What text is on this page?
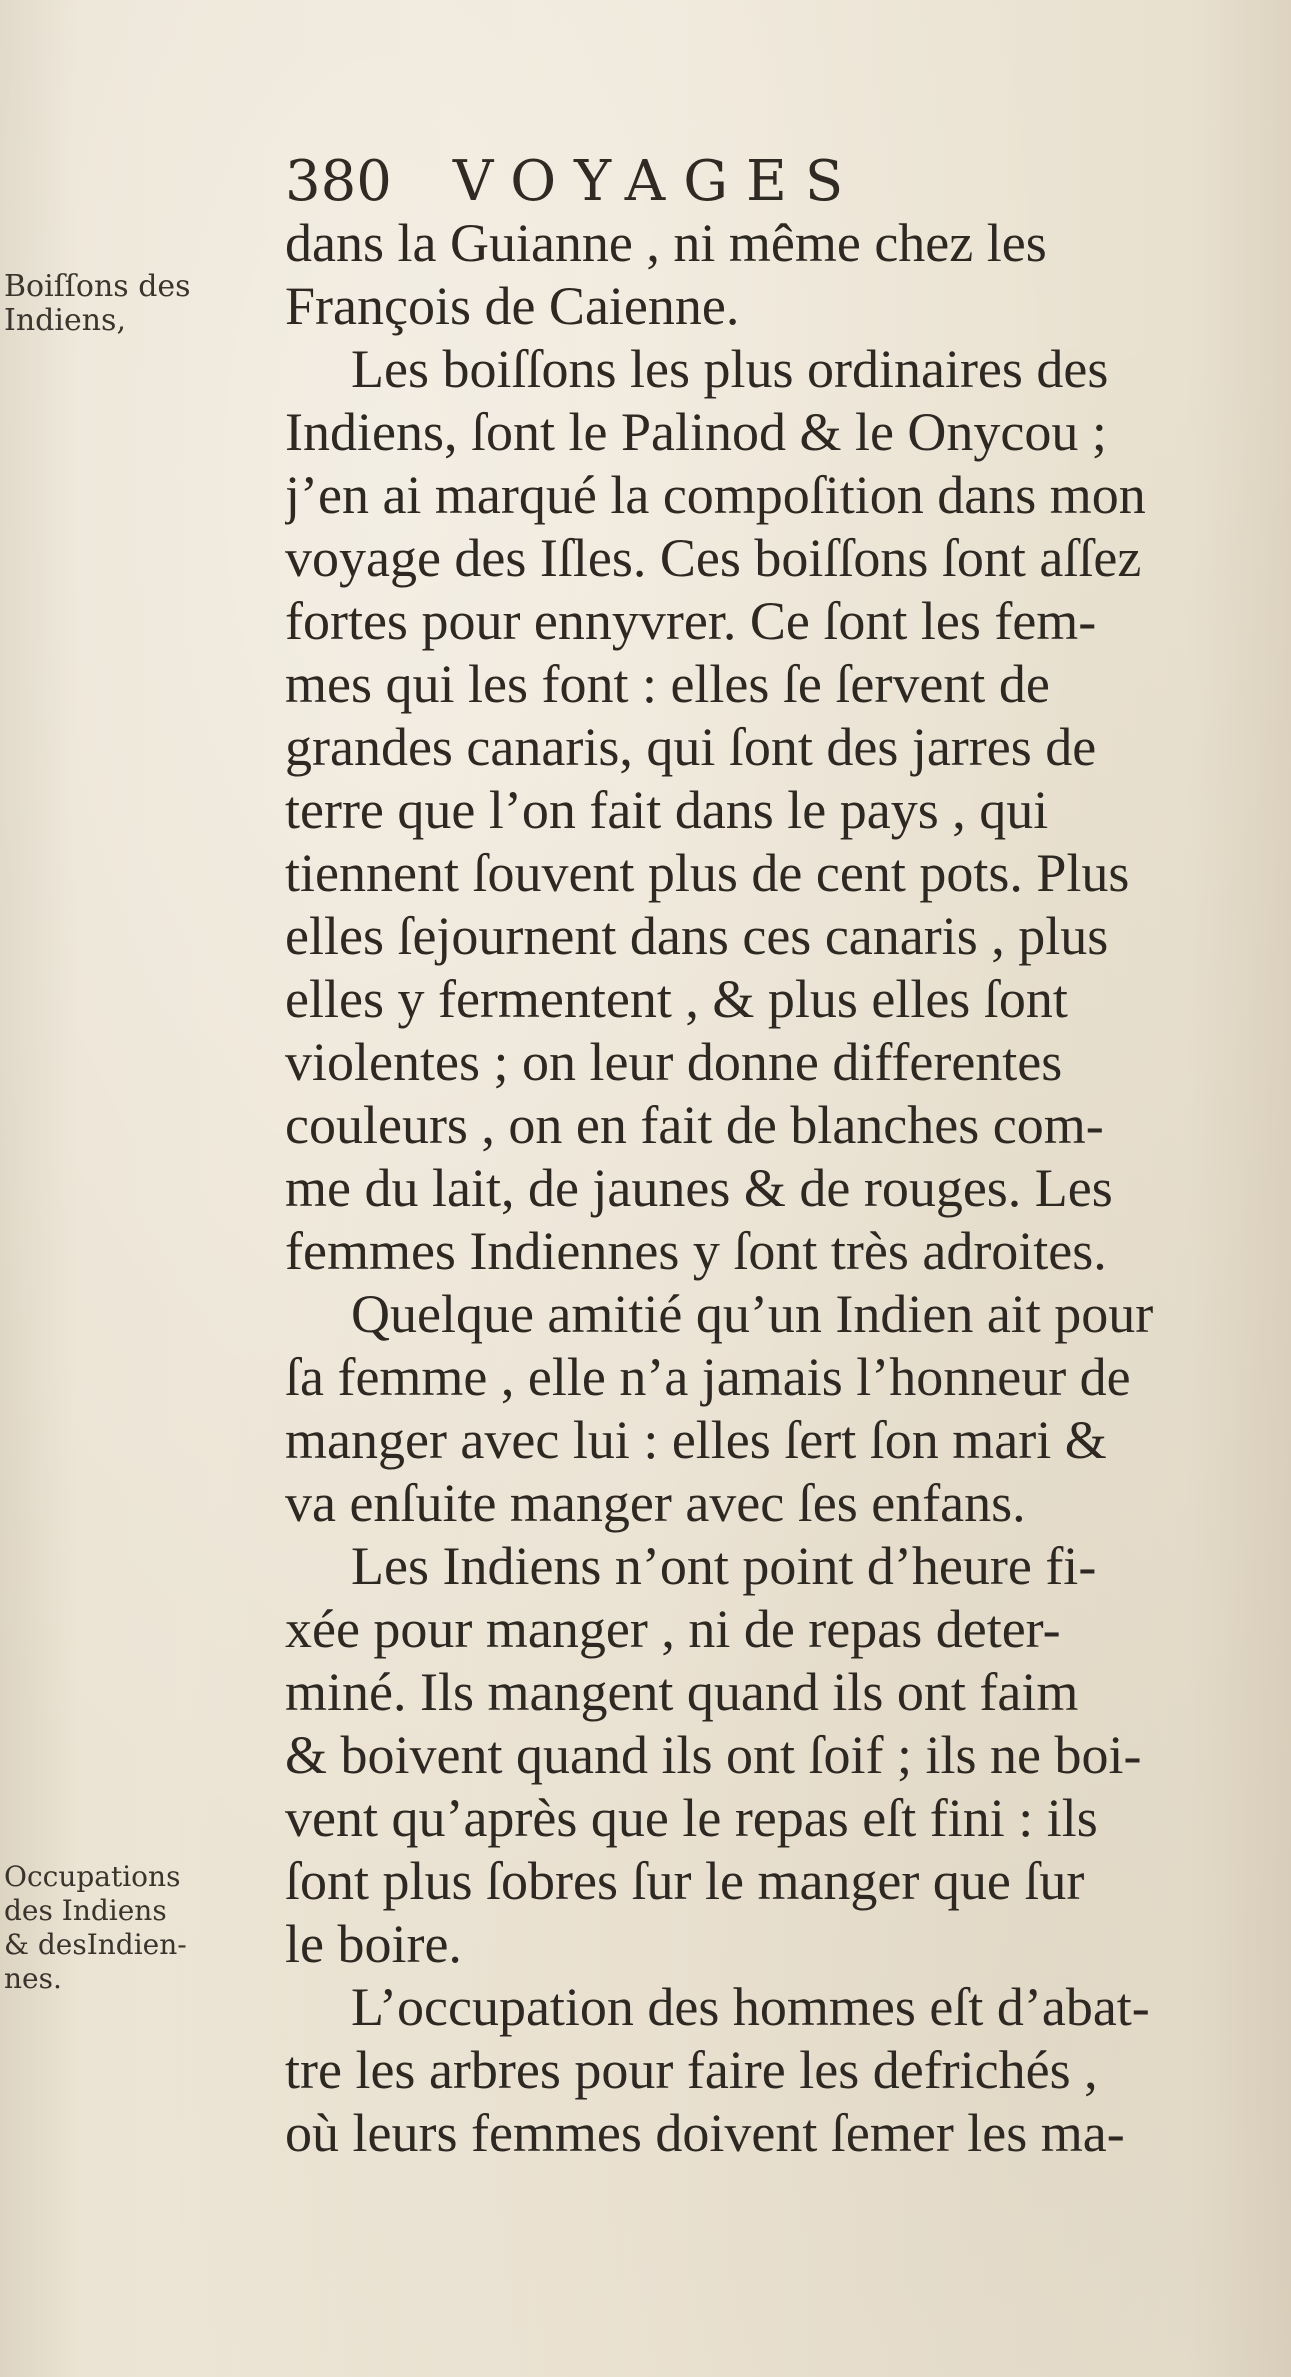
380 VOYAGES
Boiſſons des
Indiens,
Occupations
des Indiens
& desIndien-
nes.
dans la Guianne , ni même chez les
François de Caienne.
Les boiſſons les plus ordinaires des
Indiens, ſont le Palinod & le Onycou ;
j’en ai marqué la compoſition dans mon
voyage des Iſles. Ces boiſſons ſont aſſez
fortes pour ennyvrer. Ce ſont les fem-
mes qui les font : elles ſe ſervent de
grandes canaris, qui ſont des jarres de
terre que l’on fait dans le pays , qui
tiennent ſouvent plus de cent pots. Plus
elles ſejournent dans ces canaris , plus
elles y fermentent , & plus elles ſont
violentes ; on leur donne differentes
couleurs , on en fait de blanches com-
me du lait, de jaunes & de rouges. Les
femmes Indiennes y ſont très adroites.
Quelque amitié qu’un Indien ait pour
ſa femme , elle n’a jamais l’honneur de
manger avec lui : elles ſert ſon mari &
va enſuite manger avec ſes enfans.
Les Indiens n’ont point d’heure fi-
xée pour manger , ni de repas deter-
miné. Ils mangent quand ils ont faim
& boivent quand ils ont ſoif ; ils ne boi-
vent qu’après que le repas eſt fini : ils
ſont plus ſobres ſur le manger que ſur
le boire.
L’occupation des hommes eſt d’abat-
tre les arbres pour faire les defrichés ,
où leurs femmes doivent ſemer les ma-
